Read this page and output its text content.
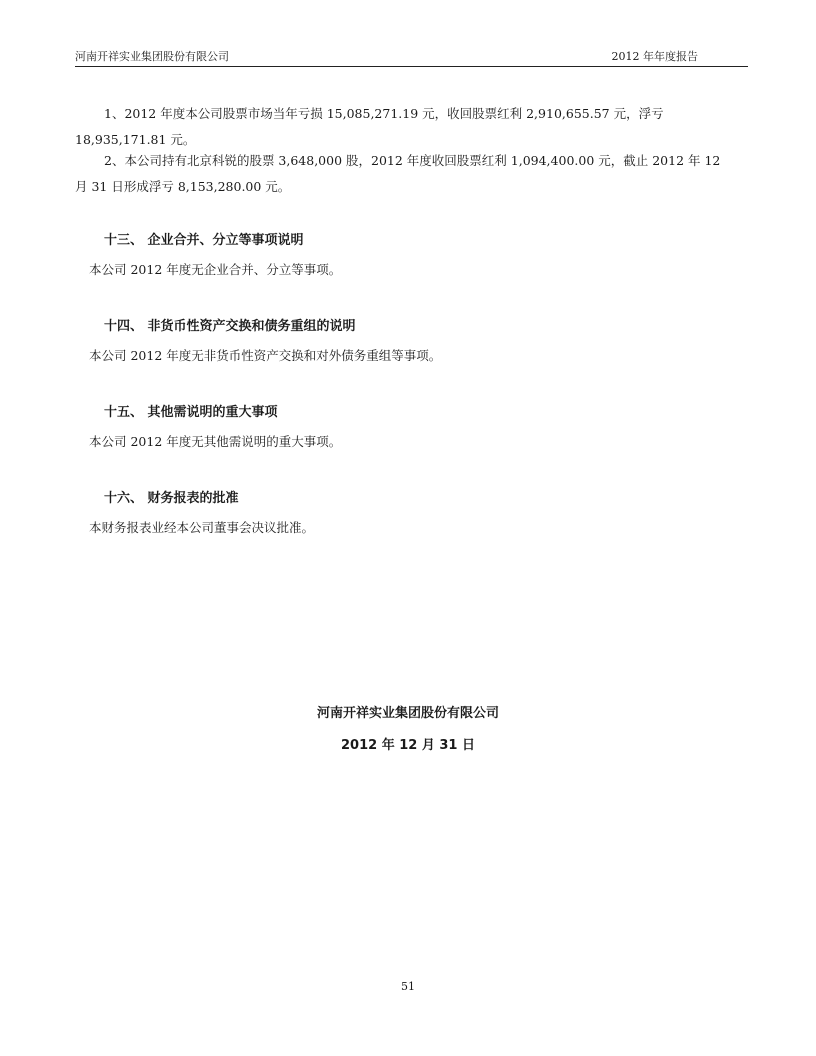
河南开祥实业集团股份有限公司	2012 年年度报告
1、2012 年度本公司股票市场当年亏损 15,085,271.19 元，收回股票红利 2,910,655.57 元，浮亏
18,935,171.81 元。
2、本公司持有北京科锐的股票 3,648,000 股，2012 年度收回股票红利 1,094,400.00 元，截止 2012 年 12
月 31 日形成浮亏 8,153,280.00 元。
十三、 企业合并、分立等事项说明
本公司 2012 年度无企业合并、分立等事项。
十四、 非货币性资产交换和债务重组的说明
本公司 2012 年度无非货币性资产交换和对外债务重组等事项。
十五、 其他需说明的重大事项
本公司 2012 年度无其他需说明的重大事项。
十六、 财务报表的批准
本财务报表业经本公司董事会决议批准。
河南开祥实业集团股份有限公司
2012 年 12 月 31 日
51
